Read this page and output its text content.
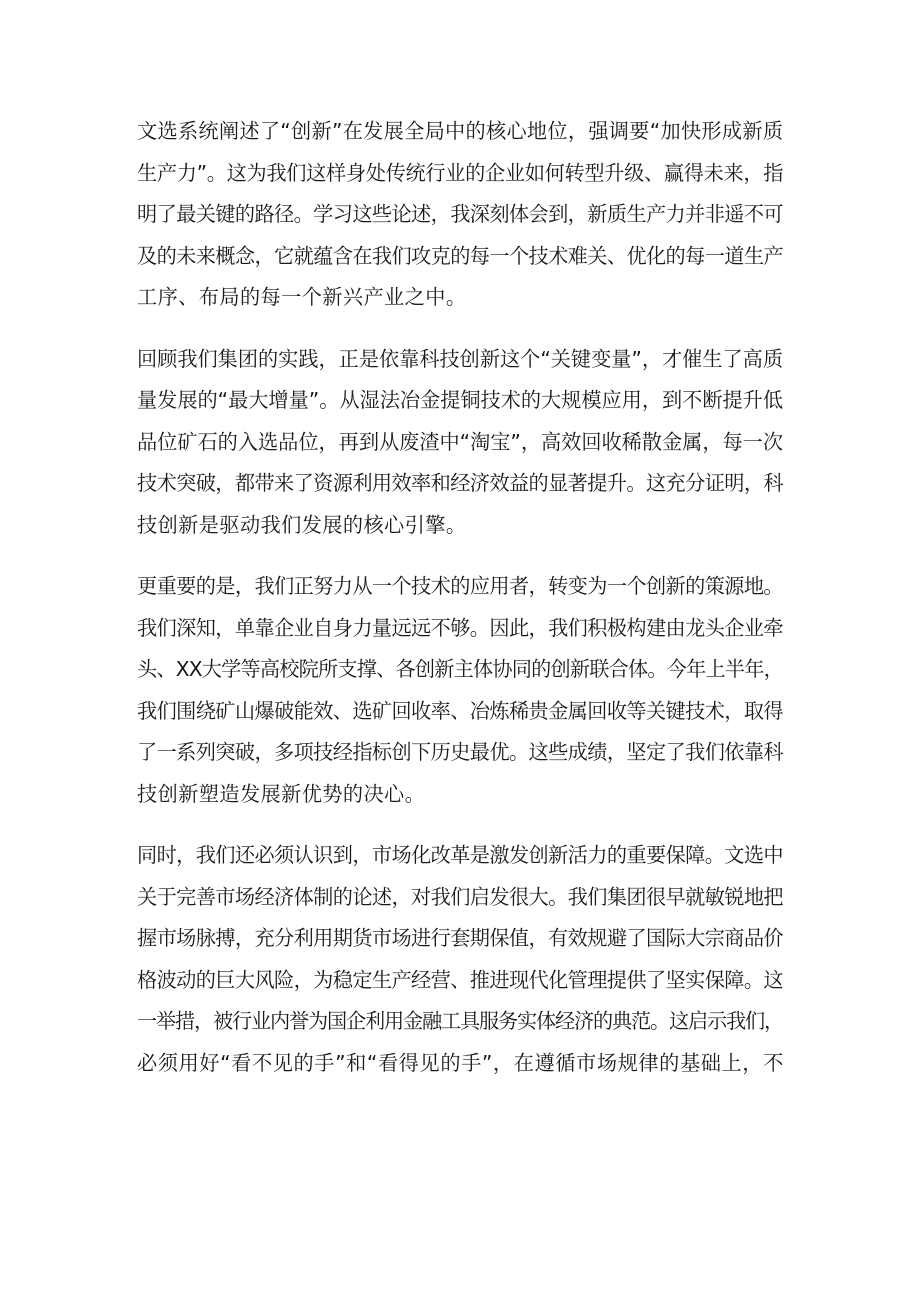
文选系统阐述了“创新”在发展全局中的核心地位，强调要“加快形成新质
生产力”。这为我们这样身处传统行业的企业如何转型升级、赢得未来，指
明了最关键的路径。学习这些论述，我深刻体会到，新质生产力并非遥不可
及的未来概念，它就蕴含在我们攻克的每一个技术难关、优化的每一道生产
工序、布局的每一个新兴产业之中。

回顾我们集团的实践，正是依靠科技创新这个“关键变量”，才催生了高质
量发展的“最大增量”。从湿法冶金提铜技术的大规模应用，到不断提升低
品位矿石的入选品位，再到从废渣中“淘宝”，高效回收稀散金属，每一次
技术突破，都带来了资源利用效率和经济效益的显著提升。这充分证明，科
技创新是驱动我们发展的核心引擎。

更重要的是，我们正努力从一个技术的应用者，转变为一个创新的策源地。
我们深知，单靠企业自身力量远远不够。因此，我们积极构建由龙头企业牵
头、XX大学等高校院所支撑、各创新主体协同的创新联合体。今年上半年，
我们围绕矿山爆破能效、选矿回收率、冶炼稀贵金属回收等关键技术，取得
了一系列突破，多项技经指标创下历史最优。这些成绩，坚定了我们依靠科
技创新塑造发展新优势的决心。

同时，我们还必须认识到，市场化改革是激发创新活力的重要保障。文选中
关于完善市场经济体制的论述，对我们启发很大。我们集团很早就敏锐地把
握市场脉搏，充分利用期货市场进行套期保值，有效规避了国际大宗商品价
格波动的巨大风险，为稳定生产经营、推进现代化管理提供了坚实保障。这
一举措，被行业内誉为国企利用金融工具服务实体经济的典范。这启示我们，
必须用好“看不见的手”和“看得见的手”，在遵循市场规律的基础上，不
